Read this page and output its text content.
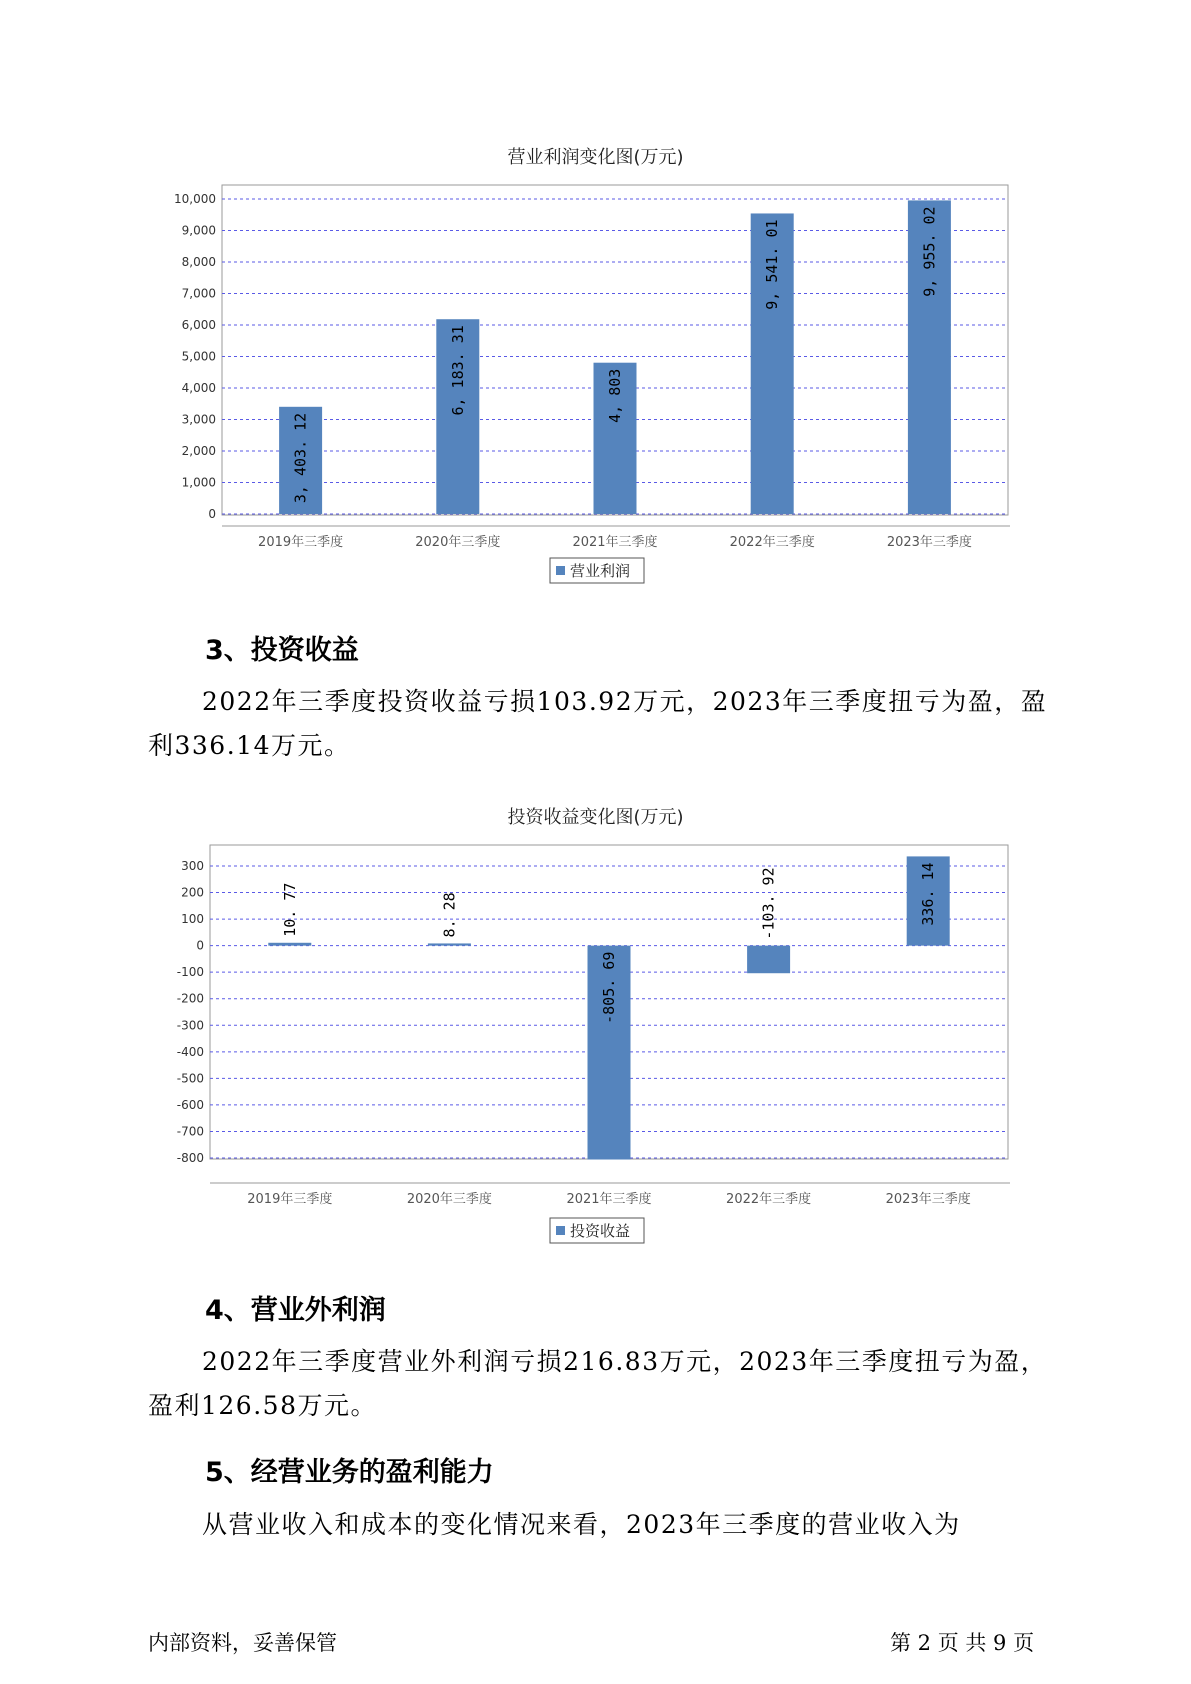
营业利润变化图(万元)
0
1,000
2,000
3,000
4,000
5,000
6,000
7,000
8,000
9,000
10,000
2019年三季度
3, 403. 12
2020年三季度
6, 183. 31
2021年三季度
4, 803
2022年三季度
9, 541. 01
2023年三季度
9, 955. 02
营业利润
3、投资收益

2022年三季度投资收益亏损103.92万元，2023年三季度扭亏为盈，盈利336.14万元。

投资收益变化图(万元)
-800
-700
-600
-500
-400
-300
-200
-100
0
100
200
300
2019年三季度
10. 77
2020年三季度
8. 28
2021年三季度
-805. 69
2022年三季度
-103. 92
2023年三季度
336. 14
投资收益
4、营业外利润

2022年三季度营业外利润亏损216.83万元，2023年三季度扭亏为盈，盈利126.58万元。

5、经营业务的盈利能力

从营业收入和成本的变化情况来看，2023年三季度的营业收入为

内部资料，妥善保管	第 2 页 共 9 页
